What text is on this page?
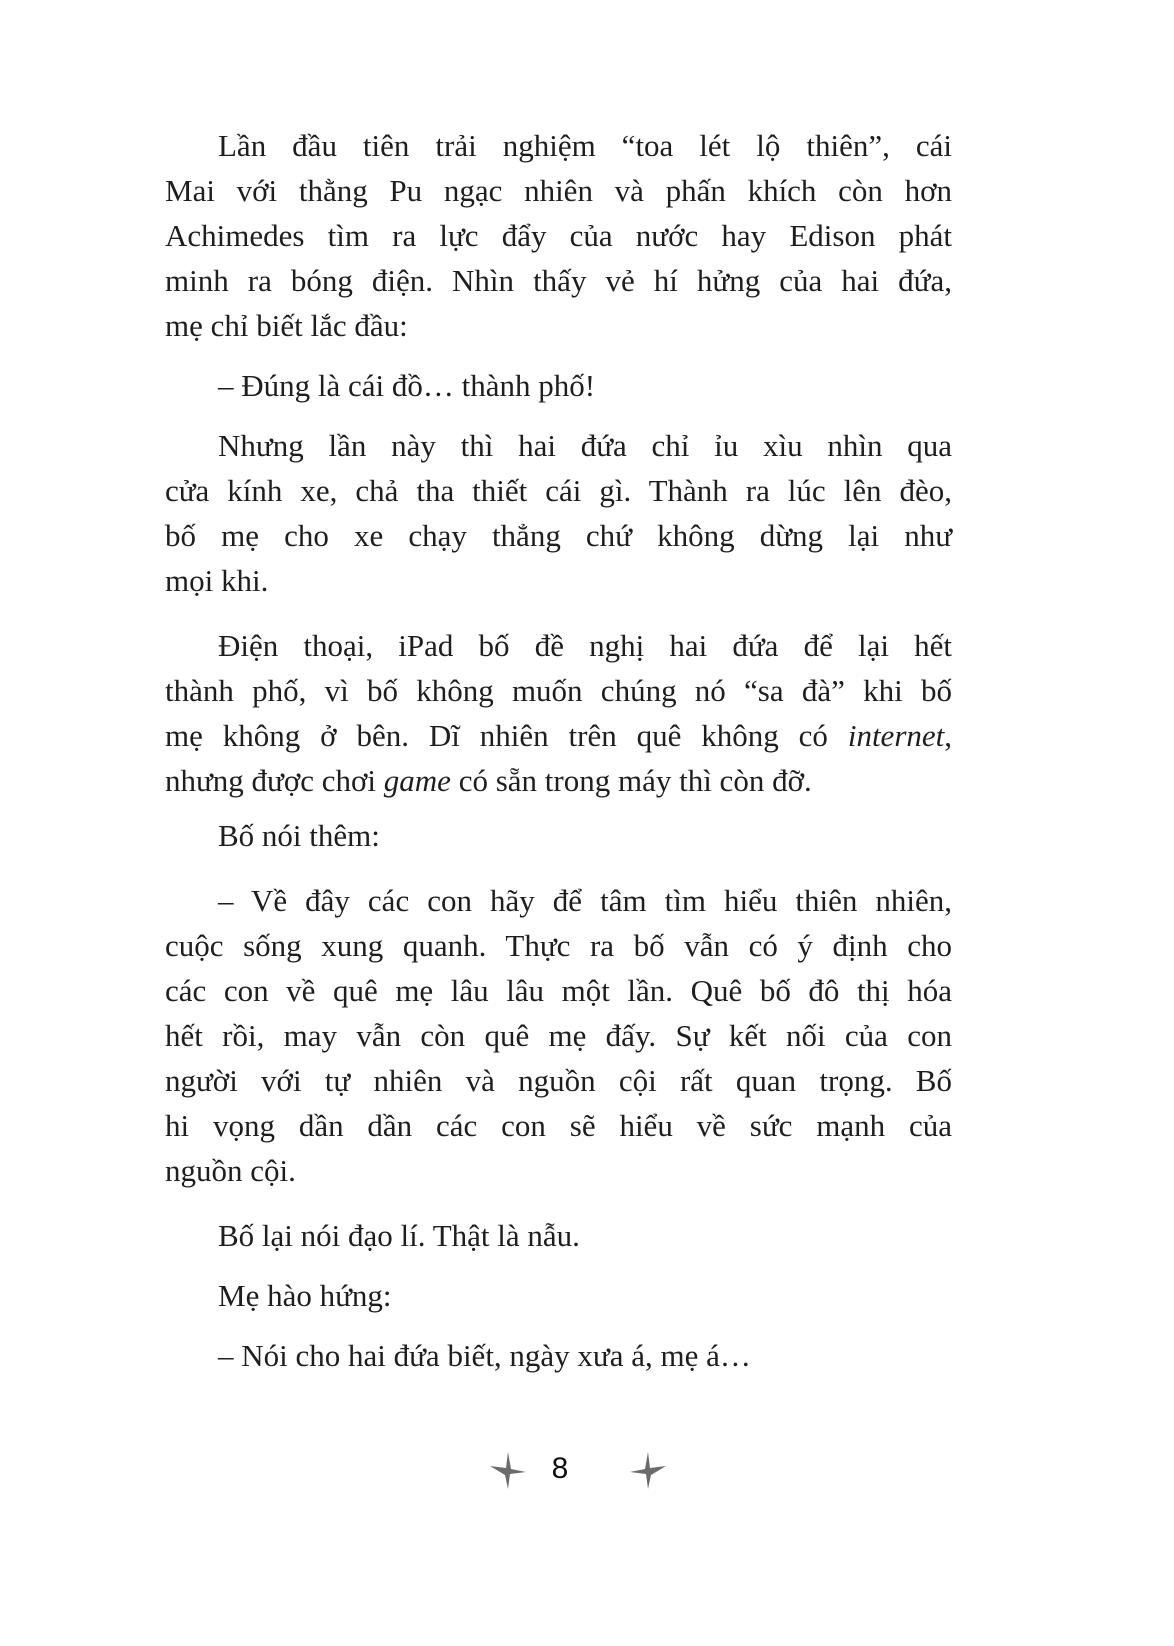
Lần đầu tiên trải nghiệm “toa lét lộ thiên”, cái
Mai với thằng Pu ngạc nhiên và phấn khích còn hơn
Achimedes tìm ra lực đẩy của nước hay Edison phát
minh ra bóng điện. Nhìn thấy vẻ hí hửng của hai đứa,
mẹ chỉ biết lắc đầu:
– Đúng là cái đồ… thành phố!
Nhưng lần này thì hai đứa chỉ ỉu xìu nhìn qua
cửa kính xe, chả tha thiết cái gì. Thành ra lúc lên đèo,
bố mẹ cho xe chạy thẳng chứ không dừng lại như
mọi khi.
Điện thoại, iPad bố đề nghị hai đứa để lại hết
thành phố, vì bố không muốn chúng nó “sa đà” khi bố
mẹ không ở bên. Dĩ nhiên trên quê không có internet,
nhưng được chơi game có sẵn trong máy thì còn đỡ.
Bố nói thêm:
– Về đây các con hãy để tâm tìm hiểu thiên nhiên,
cuộc sống xung quanh. Thực ra bố vẫn có ý định cho
các con về quê mẹ lâu lâu một lần. Quê bố đô thị hóa
hết rồi, may vẫn còn quê mẹ đấy. Sự kết nối của con
người với tự nhiên và nguồn cội rất quan trọng. Bố
hi vọng dần dần các con sẽ hiểu về sức mạnh của
nguồn cội.
Bố lại nói đạo lí. Thật là nẫu.
Mẹ hào hứng:
– Nói cho hai đứa biết, ngày xưa á, mẹ á…
8
